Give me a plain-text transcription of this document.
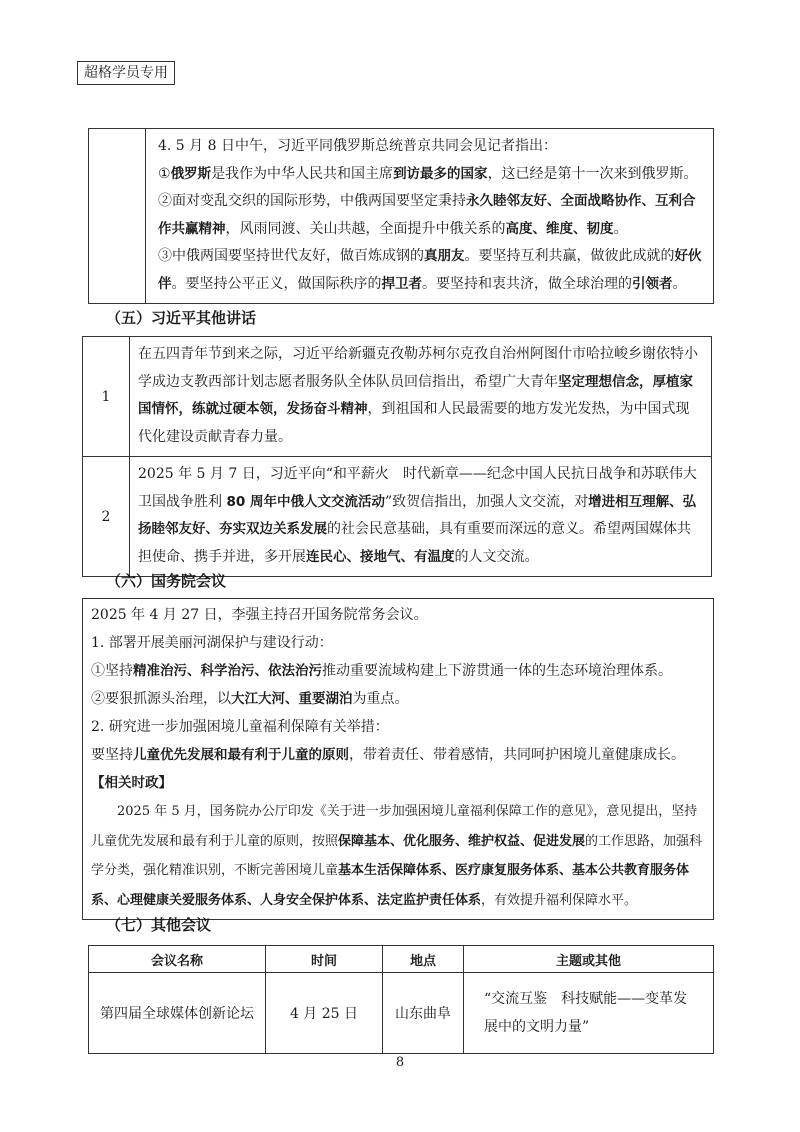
超格学员专用

4. 5 月 8 日中午，习近平同俄罗斯总统普京共同会见记者指出：

①俄罗斯是我作为中华人民共和国主席到访最多的国家，这已经是第十一次来到俄罗斯。

②面对变乱交织的国际形势，中俄两国要坚定秉持永久睦邻友好、全面战略协作、互利合作共赢精神，风雨同渡、关山共越，全面提升中俄关系的高度、维度、韧度。

③中俄两国要坚持世代友好，做百炼成钢的真朋友。要坚持互利共赢，做彼此成就的好伙伴。要坚持公平正义，做国际秩序的捍卫者。要坚持和衷共济，做全球治理的引领者。

（五）习近平其他讲话
1	在五四青年节到来之际，习近平给新疆克孜勒苏柯尔克孜自治州阿图什市哈拉峻乡谢依特小学成边支教西部计划志愿者服务队全体队员回信指出，希望广大青年坚定理想信念，厚植家国情怀，练就过硬本领，发扬奋斗精神，到祖国和人民最需要的地方发光发热，为中国式现代化建设贡献青春力量。

2	2025 年 5 月 7 日，习近平向“和平薪火　时代新章——纪念中国人民抗日战争和苏联伟大卫国战争胜利 80 周年中俄人文交流活动”致贺信指出，加强人文交流，对增进相互理解、弘扬睦邻友好、夯实双边关系发展的社会民意基础，具有重要而深远的意义。希望两国媒体共担使命、携手并进，多开展连民心、接地气、有温度的人文交流。

（六）国务院会议

2025 年 4 月 27 日，李强主持召开国务院常务会议。

1. 部署开展美丽河湖保护与建设行动：

①坚持精准治污、科学治污、依法治污推动重要流域构建上下游贯通一体的生态环境治理体系。

②要狠抓源头治理，以大江大河、重要湖泊为重点。

2. 研究进一步加强困境儿童福利保障有关举措：

要坚持儿童优先发展和最有利于儿童的原则，带着责任、带着感情，共同呵护困境儿童健康成长。

【相关时政】

2025 年 5 月，国务院办公厅印发《关于进一步加强困境儿童福利保障工作的意见》，意见提出，坚持儿童优先发展和最有利于儿童的原则，按照保障基本、优化服务、维护权益、促进发展的工作思路，加强科学分类，强化精准识别，不断完善困境儿童基本生活保障体系、医疗康复服务体系、基本公共教育服务体系、心理健康关爱服务体系、人身安全保护体系、法定监护责任体系，有效提升福利保障水平。

（七）其他会议
会议名称	时间	地点	主题或其他
第四届全球媒体创新论坛	4 月 25 日	山东曲阜	“交流互鉴　科技赋能——变革发展中的文明力量”
8
